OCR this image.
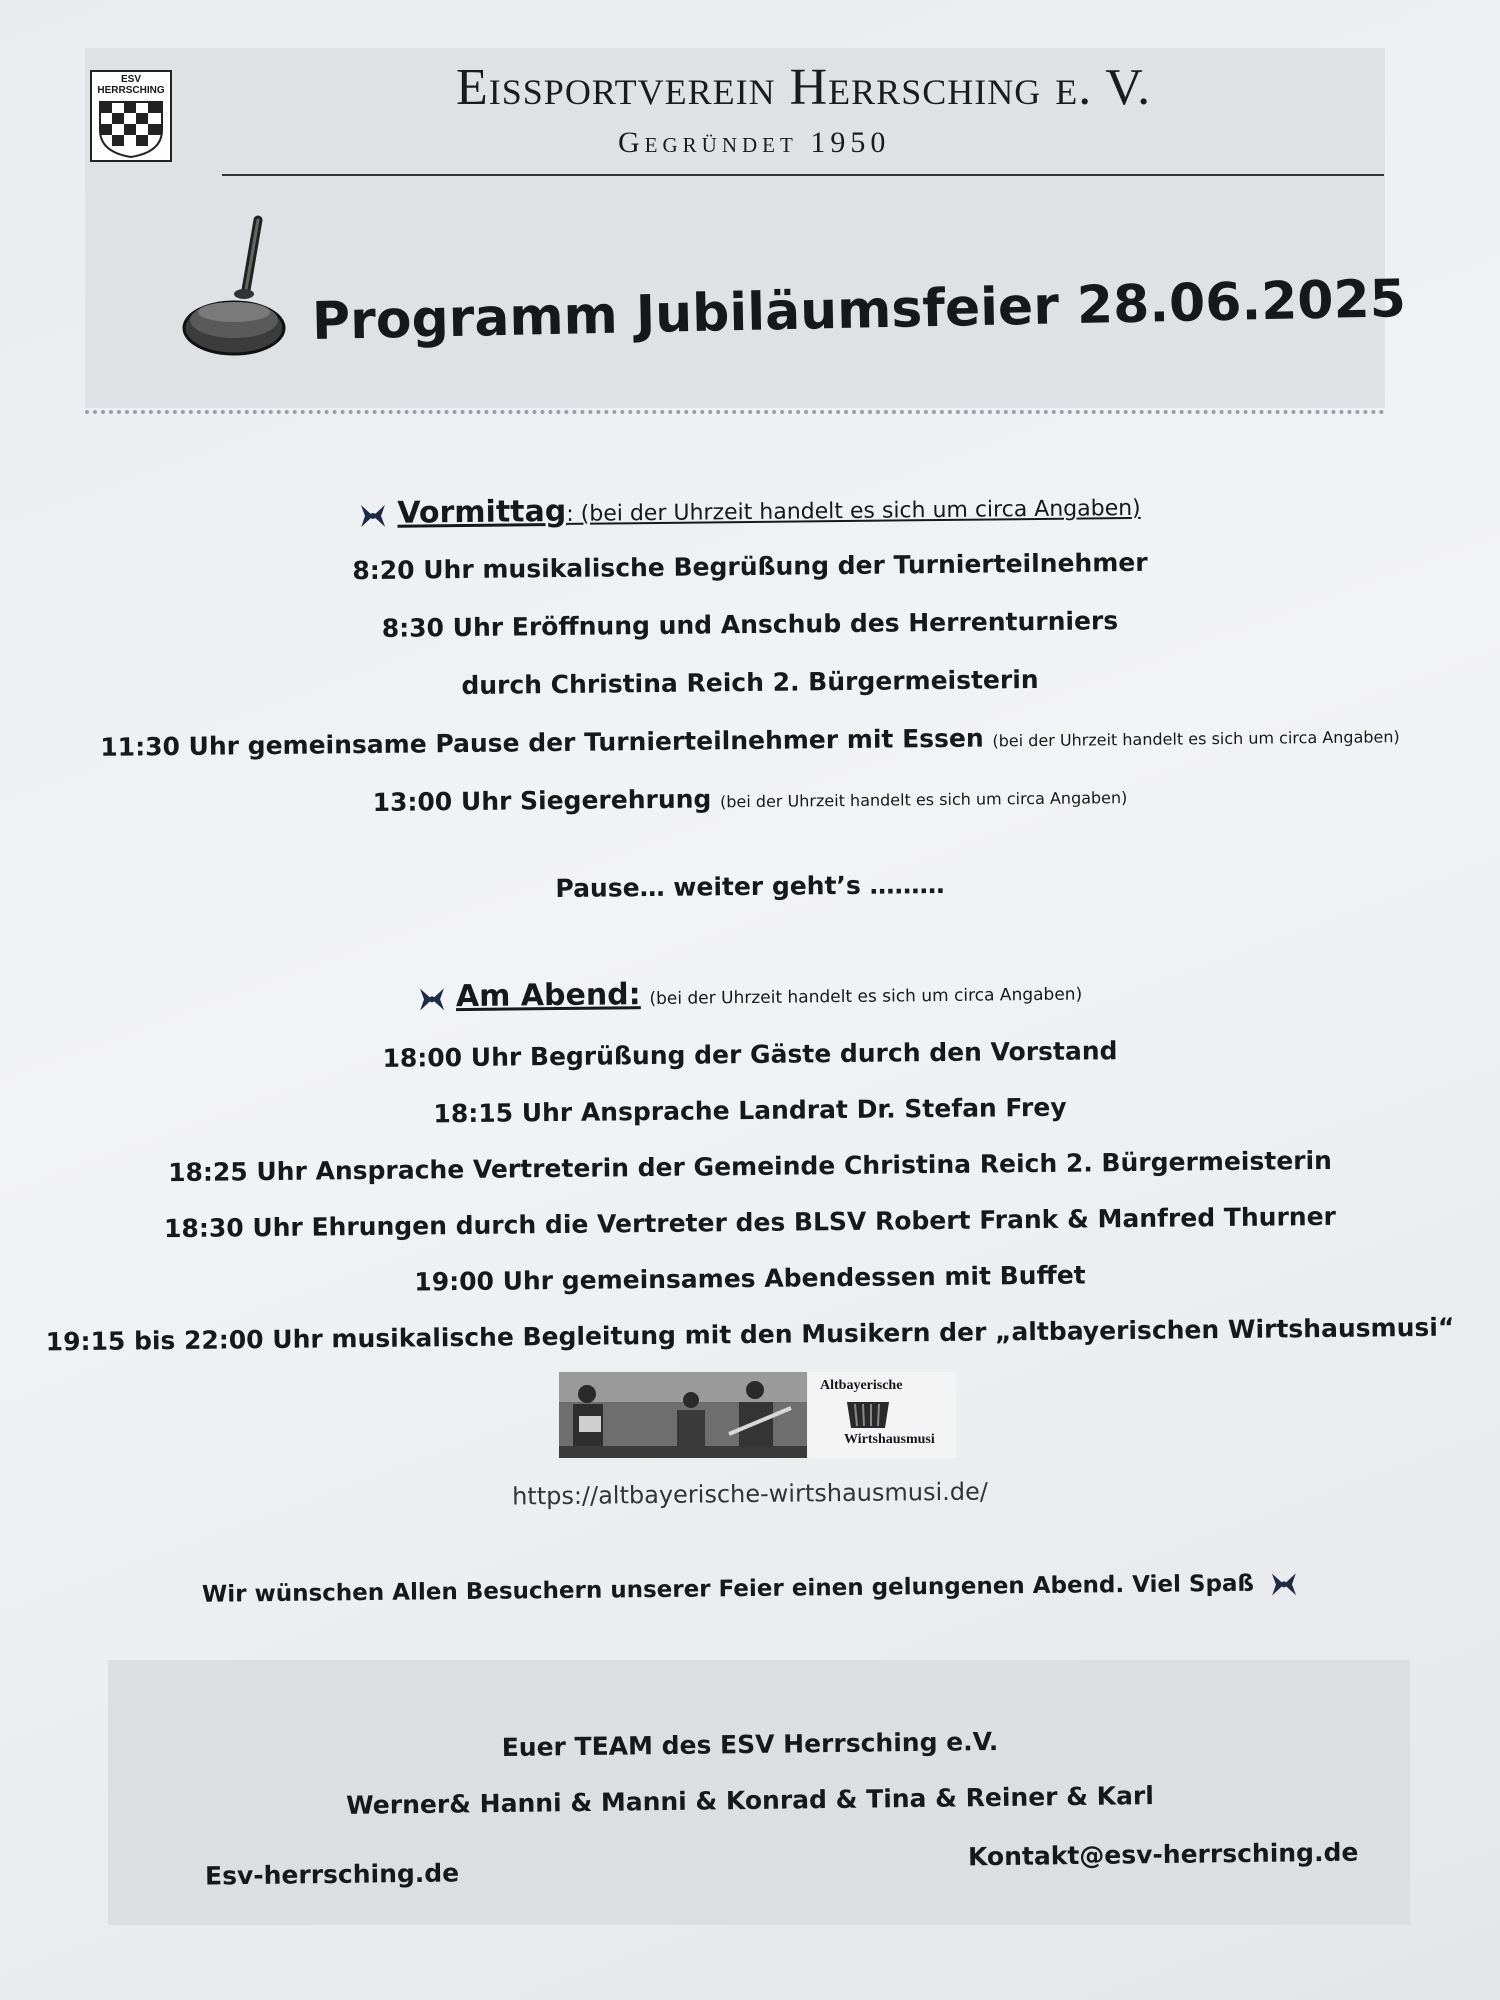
ESV
HERRSCHING	Eissportverein Herrsching e. V.
Gegründet 1950
Programm Jubiläumsfeier 28.06.2025
Vormittag: (bei der Uhrzeit handelt es sich um circa Angaben)
8:20 Uhr musikalische Begrüßung der Turnierteilnehmer
8:30 Uhr Eröffnung und Anschub des Herrenturniers
durch Christina Reich 2. Bürgermeisterin
11:30 Uhr gemeinsame Pause der Turnierteilnehmer mit Essen (bei der Uhrzeit handelt es sich um circa Angaben)
13:00 Uhr Siegerehrung (bei der Uhrzeit handelt es sich um circa Angaben)
Pause… weiter geht’s ………
Am Abend: (bei der Uhrzeit handelt es sich um circa Angaben)
18:00 Uhr Begrüßung der Gäste durch den Vorstand
18:15 Uhr Ansprache Landrat Dr. Stefan Frey
18:25 Uhr Ansprache Vertreterin der Gemeinde Christina Reich 2. Bürgermeisterin
18:30 Uhr Ehrungen durch die Vertreter des BLSV Robert Frank & Manfred Thurner
19:00 Uhr gemeinsames Abendessen mit Buffet
19:15 bis 22:00 Uhr musikalische Begleitung mit den Musikern der „altbayerischen Wirtshausmusi“
Altbayerische
Wirtshausmusi
https://altbayerische-wirtshausmusi.de/
Wir wünschen Allen Besuchern unserer Feier einen gelungenen Abend. Viel Spaß
Euer TEAM des ESV Herrsching e.V.
Werner& Hanni & Manni & Konrad & Tina & Reiner & Karl
Esv-herrsching.de
Kontakt@esv-herrsching.de
